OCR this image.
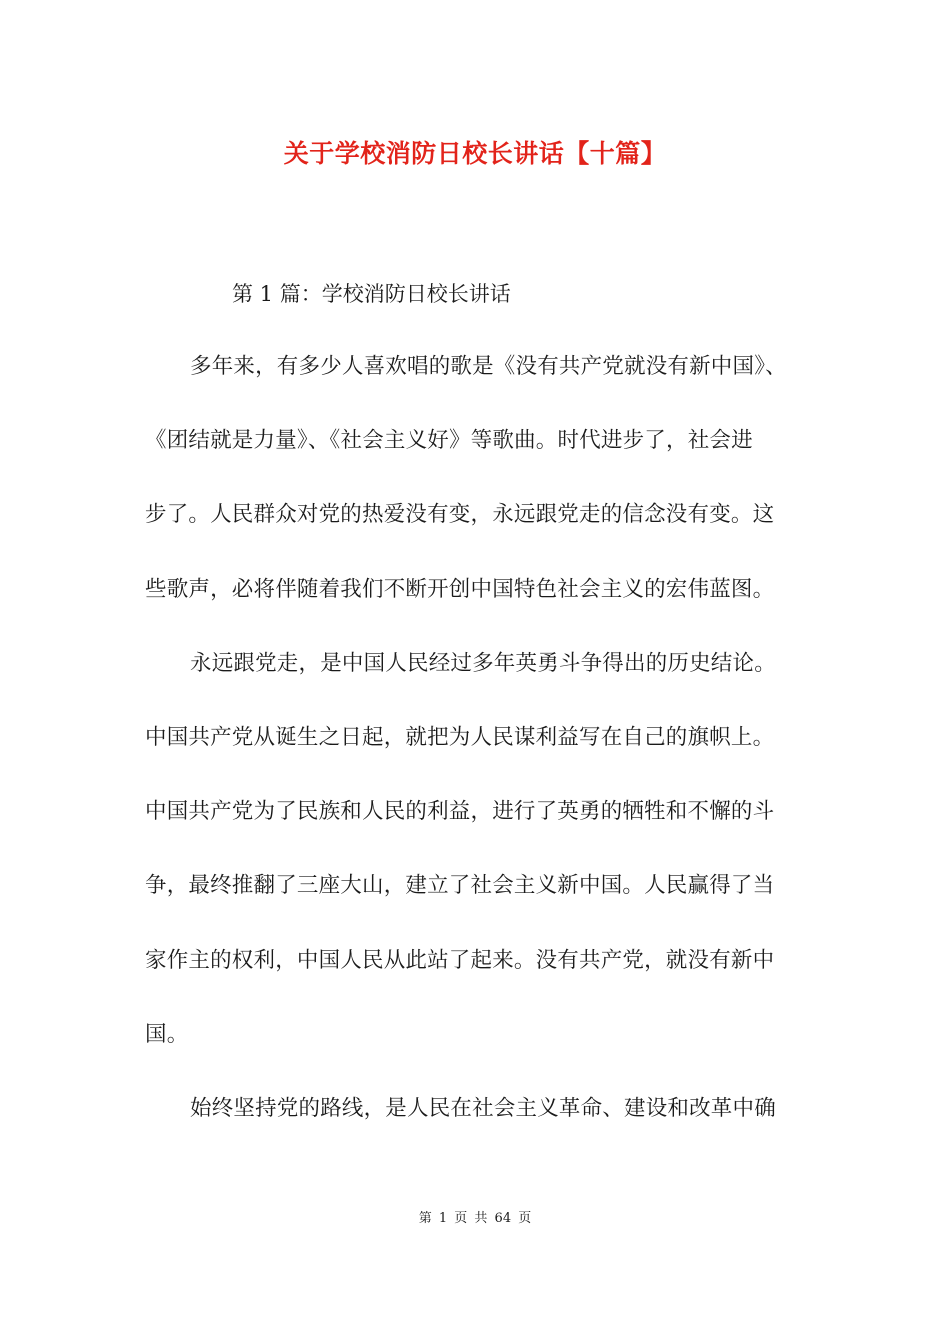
关于学校消防日校长讲话【十篇】
第 1 篇：学校消防日校长讲话
多年来，有多少人喜欢唱的歌是《没有共产党就没有新中国》、
《团结就是力量》、《社会主义好》等歌曲。时代进步了，社会进
步了。人民群众对党的热爱没有变，永远跟党走的信念没有变。这
些歌声，必将伴随着我们不断开创中国特色社会主义的宏伟蓝图。
永远跟党走，是中国人民经过多年英勇斗争得出的历史结论。
中国共产党从诞生之日起，就把为人民谋利益写在自己的旗帜上。
中国共产党为了民族和人民的利益，进行了英勇的牺牲和不懈的斗
争，最终推翻了三座大山，建立了社会主义新中国。人民赢得了当
家作主的权利，中国人民从此站了起来。没有共产党，就没有新中
国。
始终坚持党的路线，是人民在社会主义革命、建设和改革中确
第 1 页 共 64 页
